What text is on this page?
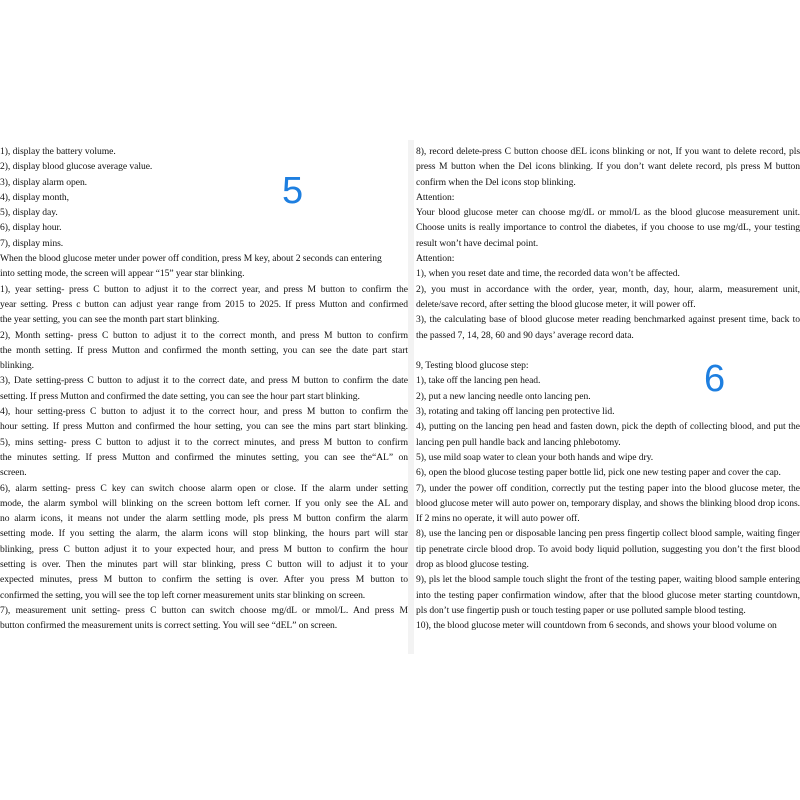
1), display the battery volume.
2), display blood glucose average value.
3), display alarm open.
4), display month,
5), display day.
6), display hour.
7), display mins.
When the blood glucose meter under power off condition, press M key, about 2 seconds can entering
into setting mode, the screen will appear “15” year star blinking.
1), year setting- press C button to adjust it to the correct year, and press M button to confirm the
year setting. Press c button can adjust year range from 2015 to 2025. If press Mutton and confirmed
the year setting, you can see the month part start blinking.
2), Month setting- press C button to adjust it to the correct month, and press M button to confirm
the month setting. If press Mutton and confirmed the month setting, you can see the date part start
blinking.
3), Date setting-press C button to adjust it to the correct date, and press M button to confirm the date
setting. If press Mutton and confirmed the date setting, you can see the hour part start blinking.
4), hour setting-press C button to adjust it to the correct hour, and press M button to confirm the
hour setting. If press Mutton and confirmed the hour setting, you can see the mins part start blinking.
5), mins setting- press C button to adjust it to the correct minutes, and press M button to confirm
the minutes setting. If press Mutton and confirmed the minutes setting, you can see the“AL” on
screen.
6), alarm setting- press C key can switch choose alarm open or close. If the alarm under setting
mode, the alarm symbol will blinking on the screen bottom left corner. If you only see the AL and
no alarm icons, it means not under the alarm settling mode, pls press M button confirm the alarm
setting mode. If you setting the alarm, the alarm icons will stop blinking, the hours part will star
blinking, press C button adjust it to your expected hour, and press M button to confirm the hour
setting is over. Then the minutes part will star blinking, press C button will to adjust it to your
expected minutes, press M button to confirm the setting is over. After you press M button to
confirmed the setting, you will see the top left corner measurement units star blinking on screen.
7), measurement unit setting- press C button can switch choose mg/dL or mmol/L. And press M
button confirmed the measurement units is correct setting. You will see “dEL” on screen.
8), record delete-press C button choose dEL icons blinking or not, If you want to delete record, pls
press M button when the Del icons blinking. If you don’t want delete record, pls press M button
confirm when the Del icons stop blinking.
Attention:
Your blood glucose meter can choose mg/dL or mmol/L as the blood glucose measurement unit.
Choose units is really importance to control the diabetes, if you choose to use mg/dL, your testing
result won’t have decimal point.
Attention:
1), when you reset date and time, the recorded data won’t be affected.
2), you must in accordance with the order, year, month, day, hour, alarm, measurement unit,
delete/save record, after setting the blood glucose meter, it will power off.
3), the calculating base of blood glucose meter reading benchmarked against present time, back to
the passed 7, 14, 28, 60 and 90 days’ average record data.
9, Testing blood glucose step:
1), take off the lancing pen head.
2), put a new lancing needle onto lancing pen.
3), rotating and taking off lancing pen protective lid.
4), putting on the lancing pen head and fasten down, pick the depth of collecting blood, and put the
lancing pen pull handle back and lancing phlebotomy.
5), use mild soap water to clean your both hands and wipe dry.
6), open the blood glucose testing paper bottle lid, pick one new testing paper and cover the cap.
7), under the power off condition, correctly put the testing paper into the blood glucose meter, the
blood glucose meter will auto power on, temporary display, and shows the blinking blood drop icons.
If 2 mins no operate, it will auto power off.
8), use the lancing pen or disposable lancing pen press fingertip collect blood sample, waiting finger
tip penetrate circle blood drop. To avoid body liquid pollution, suggesting you don’t the first blood
drop as blood glucose testing.
9), pls let the blood sample touch slight the front of the testing paper, waiting blood sample entering
into the testing paper confirmation window, after that the blood glucose meter starting countdown,
pls don’t use fingertip push or touch testing paper or use polluted sample blood testing.
10), the blood glucose meter will countdown from 6 seconds, and shows your blood volume on
5
6
